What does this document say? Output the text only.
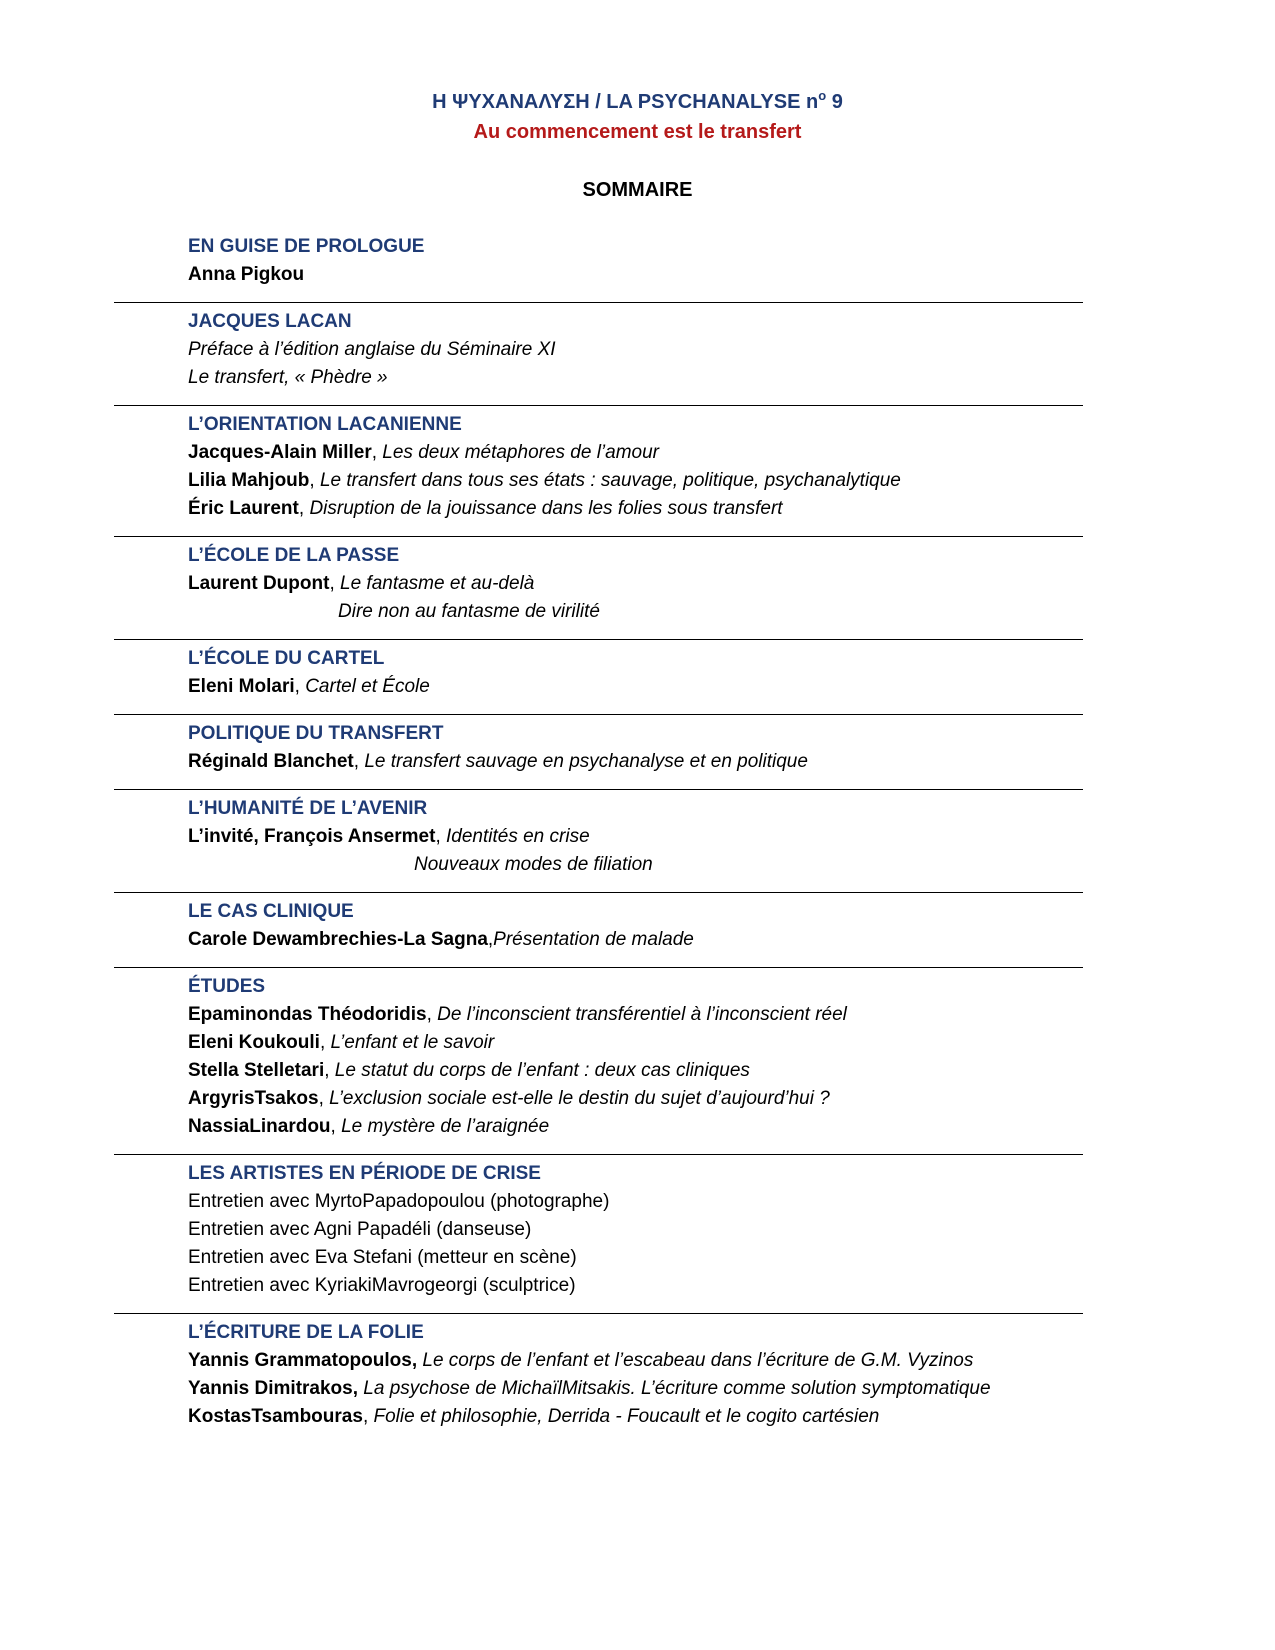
Η ΨΥΧΑΝΑΛΥΣΗ / LA PSYCHANALYSE $n^o$ 9
Au commencement est le transfert
SOMMAIRE
EN GUISE DE PROLOGUE
Anna Pigkou
JACQUES LACAN
Préface à l’édition anglaise du Séminaire XI
Le transfert, « Phèdre »
L’ORIENTATION LACANIENNE
Jacques-Alain Miller, Les deux métaphores de l’amour
Lilia Mahjoub, Le transfert dans tous ses états : sauvage, politique, psychanalytique
Éric Laurent, Disruption de la jouissance dans les folies sous transfert
L’ÉCOLE DE LA PASSE
Laurent Dupont, Le fantasme et au-delà
Dire non au fantasme de virilité
L’ÉCOLE DU CARTEL
Eleni Molari, Cartel et École
POLITIQUE DU TRANSFERT
Réginald Blanchet, Le transfert sauvage en psychanalyse et en politique
L’HUMANITÉ DE L’AVENIR
L’invité, François Ansermet, Identités en crise
Nouveaux modes de filiation
LE CAS CLINIQUE
Carole Dewambrechies-La Sagna,Présentation de malade
ÉTUDES
Epaminondas Théodoridis, De l’inconscient transférentiel à l’inconscient réel
Eleni Koukouli, L’enfant et le savoir
Stella Stelletari, Le statut du corps de l’enfant : deux cas cliniques
ArgyrisTsakos, L’exclusion sociale est-elle le destin du sujet d’aujourd’hui ?
NassiaLinardou, Le mystère de l’araignée
LES ARTISTES EN PÉRIODE DE CRISE
Entretien avec MyrtoPapadopoulou (photographe)
Entretien avec Agni Papadéli (danseuse)
Entretien avec Eva Stefani (metteur en scène)
Entretien avec KyriakiMavrogeorgi (sculptrice)
L’ÉCRITURE DE LA FOLIE
Yannis Grammatopoulos, Le corps de l’enfant et l’escabeau dans l’écriture de G.M. Vyzinos
Yannis Dimitrakos, La psychose de MichaïlMitsakis. L’écriture comme solution symptomatique
KostasTsambouras, Folie et philosophie, Derrida - Foucault et le cogito cartésien
